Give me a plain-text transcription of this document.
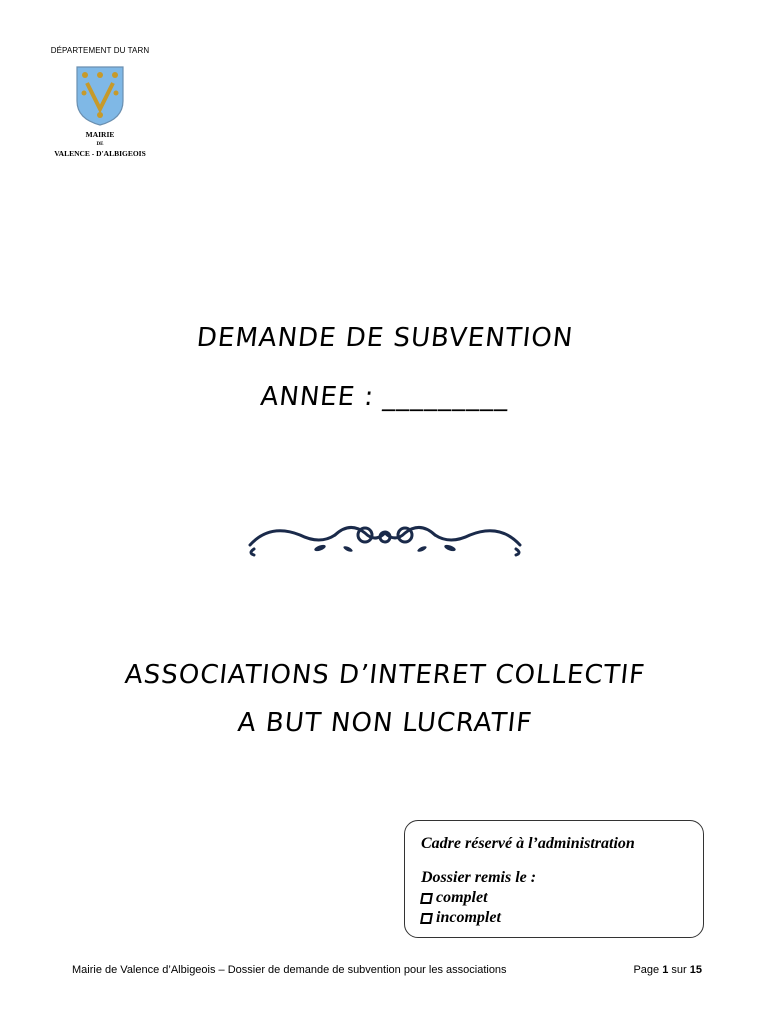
DÉPARTEMENT DU TARN
MAIRIE
DE
VALENCE - D'ALBIGEOIS
DEMANDE DE SUBVENTION
ANNEE : _________
ASSOCIATIONS D’INTERET COLLECTIF
A BUT NON LUCRATIF
Cadre réservé à l’administration
Dossier remis le :
complet
incomplet
Mairie de Valence d’Albigeois – Dossier de demande de subvention pour les associations	Page 1 sur 15
